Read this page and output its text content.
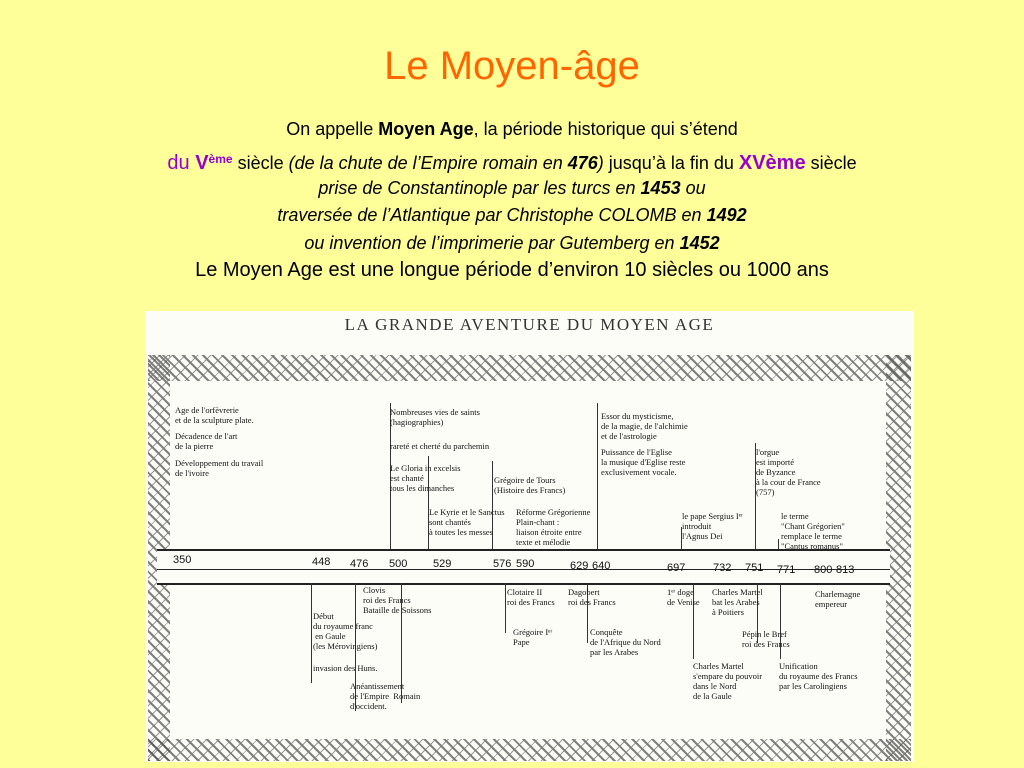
Le Moyen-âge
On appelle Moyen Age, la période historique qui s’étend
du Vème siècle (de la chute de l’Empire romain en 476) jusqu’à la fin du XVème siècle
prise de Constantinople par les turcs en 1453 ou
traversée de l’Atlantique par Christophe COLOMB en 1492
ou invention de l’imprimerie par Gutemberg en 1452
Le Moyen Age est une longue période d’environ 10 siècles ou 1000 ans
LA GRANDE AVENTURE DU MOYEN AGE
350	448 476 500 529	576 590	629 640	697	732 751 771 800 813
Age de l'orfèvrerie
et de la sculpture plate.
Décadence de l'art
de la pierre
Développement du travail
de l'ivoire
Nombreuses vies de saints
(hagiographies)
rareté et cherté du parchemin
Le Gloria in excelsis
est chanté
tous les dimanches
Grégoire de Tours
(Histoire des Francs)
Le Kyrie et le Sanctus
sont chantés
à toutes les messes
Réforme Grégorienne
Plain-chant :
liaison étroite entre
texte et mélodie
Essor du mysticisme,
de la magie, de l'alchimie
et de l'astrologie
Puissance de l'Eglise
la musique d'Eglise reste
exclusivement vocale.
l'orgue
est importé
de Byzance
à la cour de France
(757)
le pape Sergius Iᵉʳ
introduit
l'Agnus Dei
le terme
"Chant Grégorien"
remplace le terme
"Cantus romanus"
Clovis
roi des Francs
Bataille de Soissons
Début
du royaume franc
en Gaule
(les Mérovingiens)
invasion des Huns.
Anéantissement
de l'Empire  Romain
d'occident.
Clotaire II
roi des Francs
Grégoire Iᵉʳ
Pape
Dagobert
roi des Francs
Conquête
de l'Afrique du Nord
par les Arabes
1ᵉʳ doge
de Venise
Charles Martel
bat les Arabes
à Poitiers
Charlemagne
empereur
Pépin le Bref
roi des Francs
Charles Martel
s'empare du pouvoir
dans le Nord
de la Gaule
Unification
du royaume des Francs
par les Carolingiens
